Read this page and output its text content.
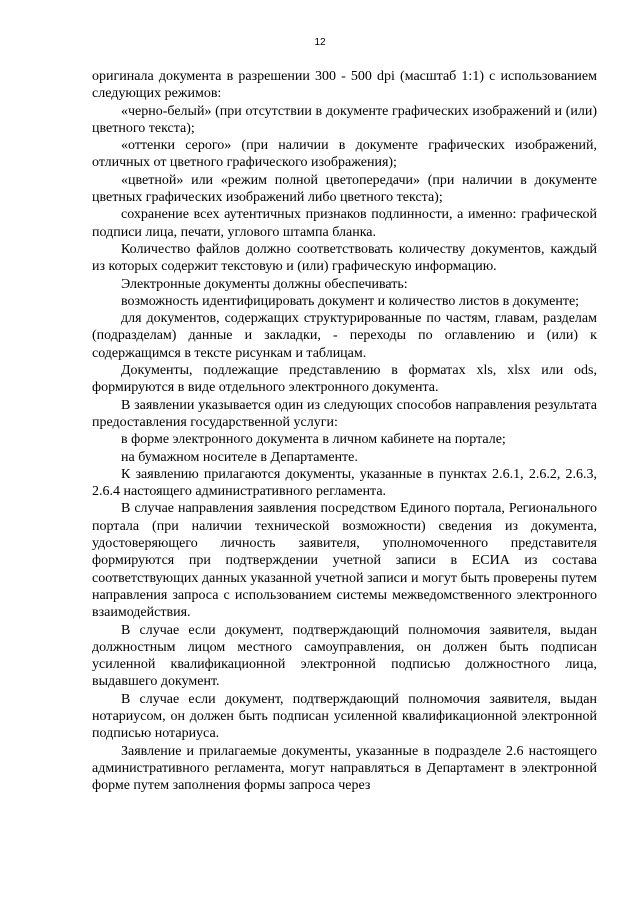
12

оригинала документа в разрешении 300 - 500 dpi (масштаб 1:1) с использованием следующих режимов:

«черно-белый» (при отсутствии в документе графических изображений и (или) цветного текста);

«оттенки серого» (при наличии в документе графических изображений, отличных от цветного графического изображения);

«цветной» или «режим полной цветопередачи» (при наличии в документе цветных графических изображений либо цветного текста);

сохранение всех аутентичных признаков подлинности, а именно: графической подписи лица, печати, углового штампа бланка.

Количество файлов должно соответствовать количеству документов, каждый из которых содержит текстовую и (или) графическую информацию.

Электронные документы должны обеспечивать:

возможность идентифицировать документ и количество листов в документе;

для документов, содержащих структурированные по частям, главам, разделам (подразделам) данные и закладки, - переходы по оглавлению и (или) к содержащимся в тексте рисункам и таблицам.

Документы, подлежащие представлению в форматах xls, xlsx или ods, формируются в виде отдельного электронного документа.

В заявлении указывается один из следующих способов направления результата предоставления государственной услуги:

в форме электронного документа в личном кабинете на портале;

на бумажном носителе в Департаменте.

К заявлению прилагаются документы, указанные в пунктах 2.6.1, 2.6.2, 2.6.3, 2.6.4 настоящего административного регламента.

В случае направления заявления посредством Единого портала, Регионального портала (при наличии технической возможности) сведения из документа, удостоверяющего личность заявителя, уполномоченного представителя формируются при подтверждении учетной записи в ЕСИА из состава соответствующих данных указанной учетной записи и могут быть проверены путем направления запроса с использованием системы межведомственного электронного взаимодействия.

В случае если документ, подтверждающий полномочия заявителя, выдан должностным лицом местного самоуправления, он должен быть подписан усиленной квалификационной электронной подписью должностного лица, выдавшего документ.

В случае если документ, подтверждающий полномочия заявителя, выдан нотариусом, он должен быть подписан усиленной квалификационной электронной подписью нотариуса.

Заявление и прилагаемые документы, указанные в подразделе 2.6 настоящего административного регламента, могут направляться в Департамент в электронной форме путем заполнения формы запроса через
